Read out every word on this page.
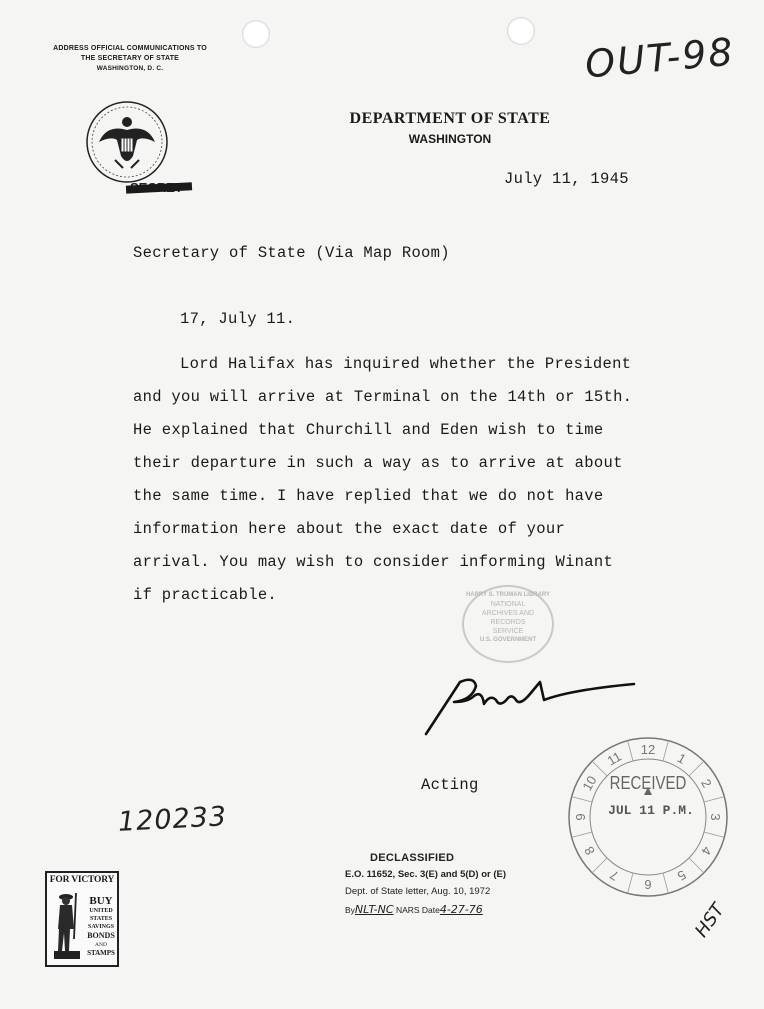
ADDRESS OFFICIAL COMMUNICATIONS TO
THE SECRETARY OF STATE
WASHINGTON, D. C.	OUT-98
DEPARTMENT OF STATE
WASHINGTON
July 11, 1945
Secretary of State (Via Map Room)
17, July 11.
Lord Halifax has inquired whether the President
and you will arrive at Terminal on the 14th or 15th.
He explained that Churchill and Eden wish to time
their departure in such a way as to arrive at about
the same time. I have replied that we do not have
information here about the exact date of your
arrival. You may wish to consider informing Winant
if practicable.	HARRY S. TRUMAN LIBRARY
NATIONAL
ARCHIVES AND
RECORDS
SERVICE
U.S. GOVERNMENT
Acting
120233
DECLASSIFIED
E.O. 11652, Sec. 3(E) and 5(D) or (E)
Dept. of State letter, Aug. 10, 1972
ByNLT-NC NARS Date4-27-76
12
1
2
3
4
5
6
7
8
9
10
11
RECEIVED
JUL 11 P.M.
FOR VICTORY
BUY
UNITED
STATES
SAVINGS
BONDS
AND
STAMPS
HST
